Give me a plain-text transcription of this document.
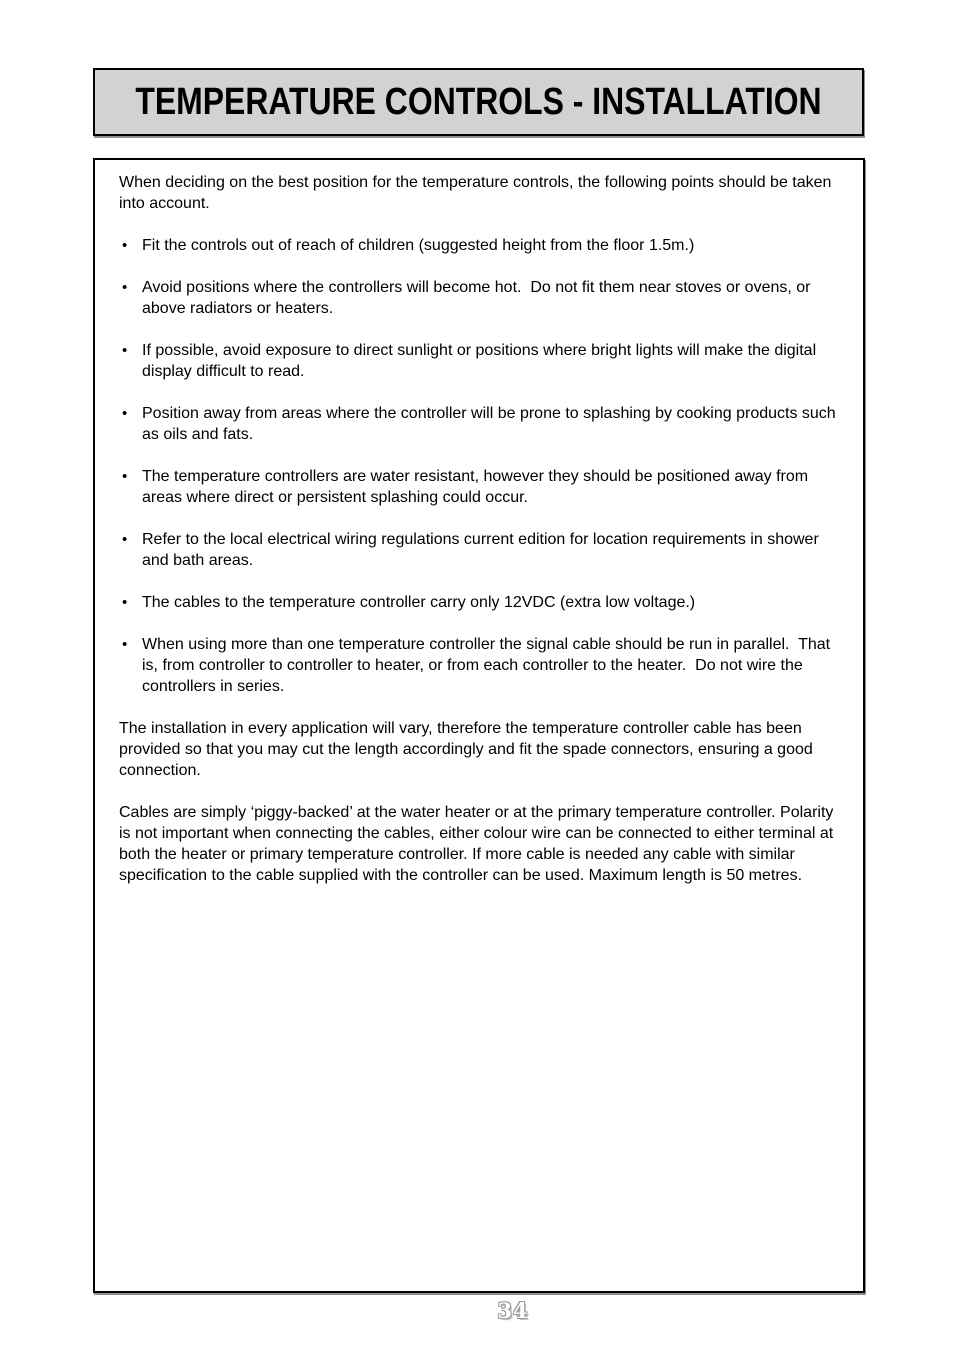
TEMPERATURE CONTROLS - INSTALLATION

When deciding on the best position for the temperature controls, the following points should be taken into account.

• Fit the controls out of reach of children (suggested height from the floor 1.5m.)
• Avoid positions where the controllers will become hot.  Do not fit them near stoves or ovens, or above radiators or heaters.
• If possible, avoid exposure to direct sunlight or positions where bright lights will make the digital display difficult to read.
• Position away from areas where the controller will be prone to splashing by cooking products such as oils and fats.
• The temperature controllers are water resistant, however they should be positioned away from areas where direct or persistent splashing could occur.
• Refer to the local electrical wiring regulations current edition for location requirements in shower and bath areas.
• The cables to the temperature controller carry only 12VDC (extra low voltage.)
• When using more than one temperature controller the signal cable should be run in parallel.  That is, from controller to controller to heater, or from each controller to the heater.  Do not wire the controllers in series.

The installation in every application will vary, therefore the temperature controller cable has been provided so that you may cut the length accordingly and fit the spade connectors, ensuring a good connection.

Cables are simply ‘piggy-backed’ at the water heater or at the primary temperature controller. Polarity is not important when connecting the cables, either colour wire can be connected to either terminal at both the heater or primary temperature controller. If more cable is needed any cable with similar specification to the cable supplied with the controller can be used. Maximum length is 50 metres.

34
